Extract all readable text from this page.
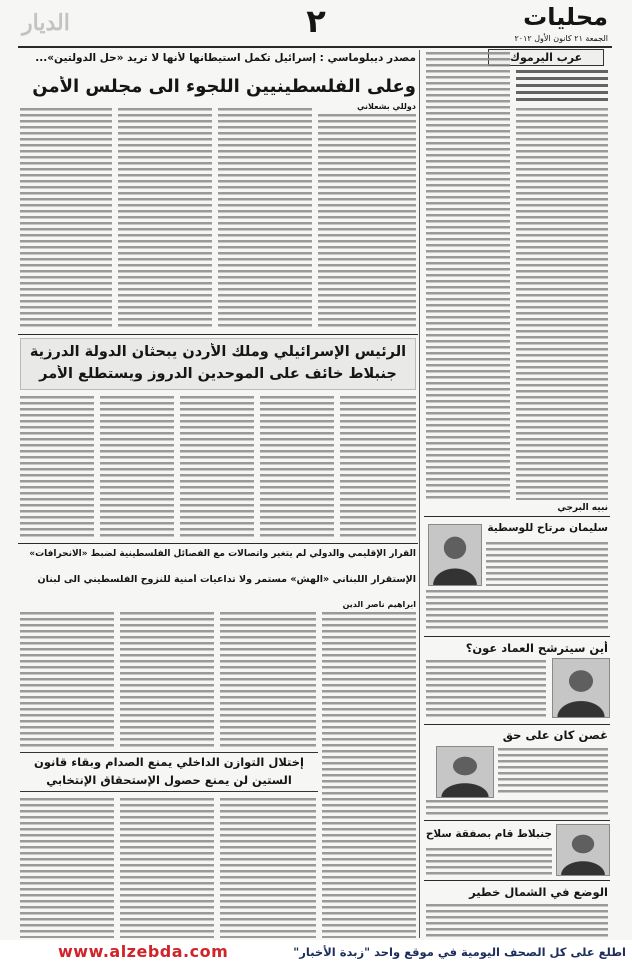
الديار	٢	محليات
الجمعة ٢١ كانون الأول ٢٠١٢
مصدر ديبلوماسي : إسرائيل تكمل استيطانها لأنها لا تريد «حل الدولتين»...
وعلى الفلسطينيين اللجوء الى مجلس الأمن
دوللي بشعلاني
الرئيس الإسرائيلي وملك الأردن يبحثان الدولة الدرزية
جنبلاط خائف على الموحدين الدروز ويستطلع الأمر
القرار الإقليمي والدولي لم يتغير واتصالات مع الفصائل الفلسطينية لضبط «الانحرافات»
الإستقرار اللبناني «الهش» مستمر ولا تداعيات أمنية للنزوح الفلسطيني الى لبنان
ابراهيم ناصر الدين
إختلال التوازن الداخلي يمنع الصدام وبقاء قانون
الستين لن يمنع حصول الإستحقاق الإنتخابي
عرب اليرموك
نبيه البرجي
سليمان مرتاح للوسطية
أين سيترشح العماد عون؟
غصن كان على حق
جنبلاط قام بصفقة سلاح
الوضع في الشمال خطير
www.alzebda.com	اطلع على كل الصحف اليومية في موقع واحد "زبدة الأخبار"
